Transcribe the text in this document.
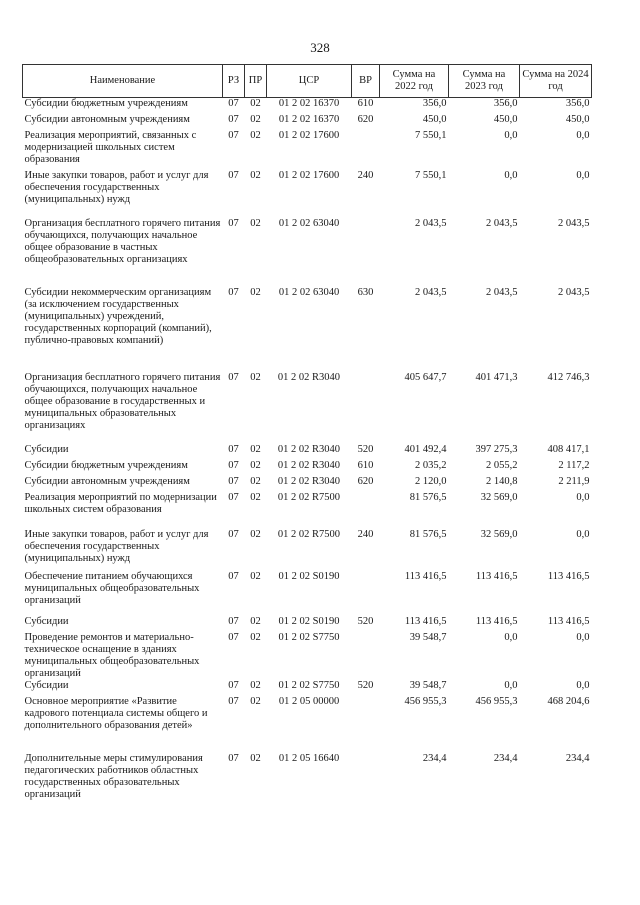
328
Наименование	РЗ	ПР	ЦСР	ВР	Сумма на 2022 год	Сумма на 2023 год	Сумма на 2024 год
Субсидии бюджетным учреждениям	07	02	01 2 02 16370	610	356,0	356,0	356,0
Субсидии автономным учреждениям	07	02	01 2 02 16370	620	450,0	450,0	450,0
Реализация мероприятий, связанных с модернизацией школьных систем образования	07	02	01 2 02 17600		7 550,1	0,0	0,0
Иные закупки товаров, работ и услуг для обеспечения государственных (муниципальных) нужд	07	02	01 2 02 17600	240	7 550,1	0,0	0,0
Организация бесплатного горячего питания обучающихся, получающих начальное общее образование в частных общеобразовательных организациях	07	02	01 2 02 63040		2 043,5	2 043,5	2 043,5
Субсидии некоммерческим организациям (за исключением государственных (муниципальных) учреждений, государственных корпораций (компаний), публично-правовых компаний)	07	02	01 2 02 63040	630	2 043,5	2 043,5	2 043,5
Организация бесплатного горячего питания обучающихся, получающих начальное общее образование в государственных и муниципальных образовательных организациях	07	02	01 2 02 R3040		405 647,7	401 471,3	412 746,3
Субсидии	07	02	01 2 02 R3040	520	401 492,4	397 275,3	408 417,1
Субсидии бюджетным учреждениям	07	02	01 2 02 R3040	610	2 035,2	2 055,2	2 117,2
Субсидии автономным учреждениям	07	02	01 2 02 R3040	620	2 120,0	2 140,8	2 211,9
Реализация мероприятий по модернизации школьных систем образования	07	02	01 2 02 R7500		81 576,5	32 569,0	0,0
Иные закупки товаров, работ и услуг для обеспечения государственных (муниципальных) нужд	07	02	01 2 02 R7500	240	81 576,5	32 569,0	0,0
Обеспечение питанием обучающихся муниципальных общеобразовательных организаций	07	02	01 2 02 S0190		113 416,5	113 416,5	113 416,5
Субсидии	07	02	01 2 02 S0190	520	113 416,5	113 416,5	113 416,5
Проведение ремонтов и материально-техническое оснащение в зданиях муниципальных общеобразовательных организаций	07	02	01 2 02 S7750		39 548,7	0,0	0,0
Субсидии	07	02	01 2 02 S7750	520	39 548,7	0,0	0,0
Основное мероприятие «Развитие кадрового потенциала системы общего и дополнительного образования детей»	07	02	01 2 05 00000		456 955,3	456 955,3	468 204,6
Дополнительные меры стимулирования педагогических работников областных государственных образовательных организаций	07	02	01 2 05 16640		234,4	234,4	234,4
